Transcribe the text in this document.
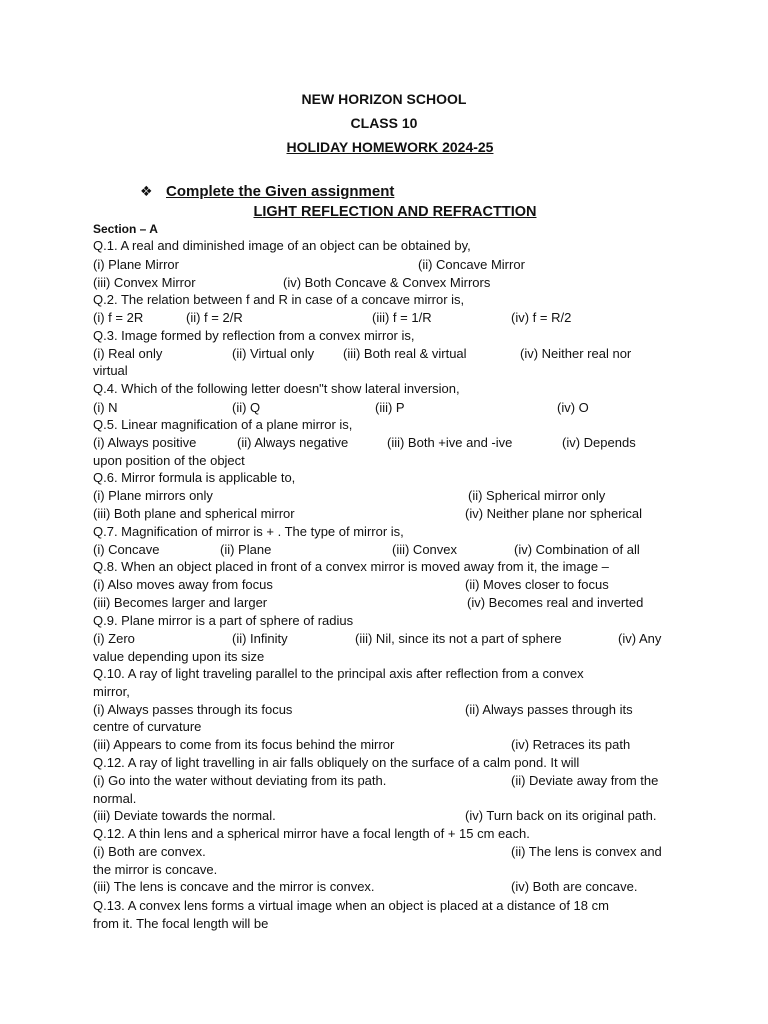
NEW HORIZON SCHOOL
CLASS 10
HOLIDAY HOMEWORK 2024-25
❖ Complete the Given assignment
LIGHT REFLECTION AND REFRACTTION
Section – A
Q.1. A real and diminished image of an object can be obtained by,
(i) Plane Mirror	(ii) Concave Mirror
(iii) Convex Mirror	(iv) Both Concave & Convex Mirrors
Q.2. The relation between f and R in case of a concave mirror is,
(i) f = 2R	(ii) f = 2/R	(iii) f = 1/R	(iv) f = R/2
Q.3. Image formed by reflection from a convex mirror is,
(i) Real only	(ii) Virtual only (iii) Both real & virtual	(iv) Neither real nor
virtual
Q.4. Which of the following letter doesn"t show lateral inversion,
(i) N	(ii) Q	(iii) P	(iv) O
Q.5. Linear magnification of a plane mirror is,
(i) Always positive	(ii) Always negative	(iii) Both +ive and -ive	(iv) Depends
upon position of the object
Q.6. Mirror formula is applicable to,
(i) Plane mirrors only	(ii) Spherical mirror only
(iii) Both plane and spherical mirror	(iv) Neither plane nor spherical
Q.7. Magnification of mirror is + . The type of mirror is,
(i) Concave	(ii) Plane	(iii) Convex	(iv) Combination of all
Q.8. When an object placed in front of a convex mirror is moved away from it, the image –
(i) Also moves away from focus	(ii) Moves closer to focus
(iii) Becomes larger and larger	(iv) Becomes real and inverted
Q.9. Plane mirror is a part of sphere of radius
(i) Zero	(ii) Infinity	(iii) Nil, since its not a part of sphere	(iv) Any
value depending upon its size
Q.10. A ray of light traveling parallel to the principal axis after reflection from a convex
mirror,
(i) Always passes through its focus	(ii) Always passes through its
centre of curvature
(iii) Appears to come from its focus behind the mirror	(iv) Retraces its path
Q.12. A ray of light travelling in air falls obliquely on the surface of a calm pond. It will
(i) Go into the water without deviating from its path.	(ii) Deviate away from the
normal.
(iii) Deviate towards the normal.	(iv) Turn back on its original path.
Q.12. A thin lens and a spherical mirror have a focal length of + 15 cm each.
(i) Both are convex.	(ii) The lens is convex and
the mirror is concave.
(iii) The lens is concave and the mirror is convex.	(iv) Both are concave.
Q.13. A convex lens forms a virtual image when an object is placed at a distance of 18 cm
from it. The focal length will be
